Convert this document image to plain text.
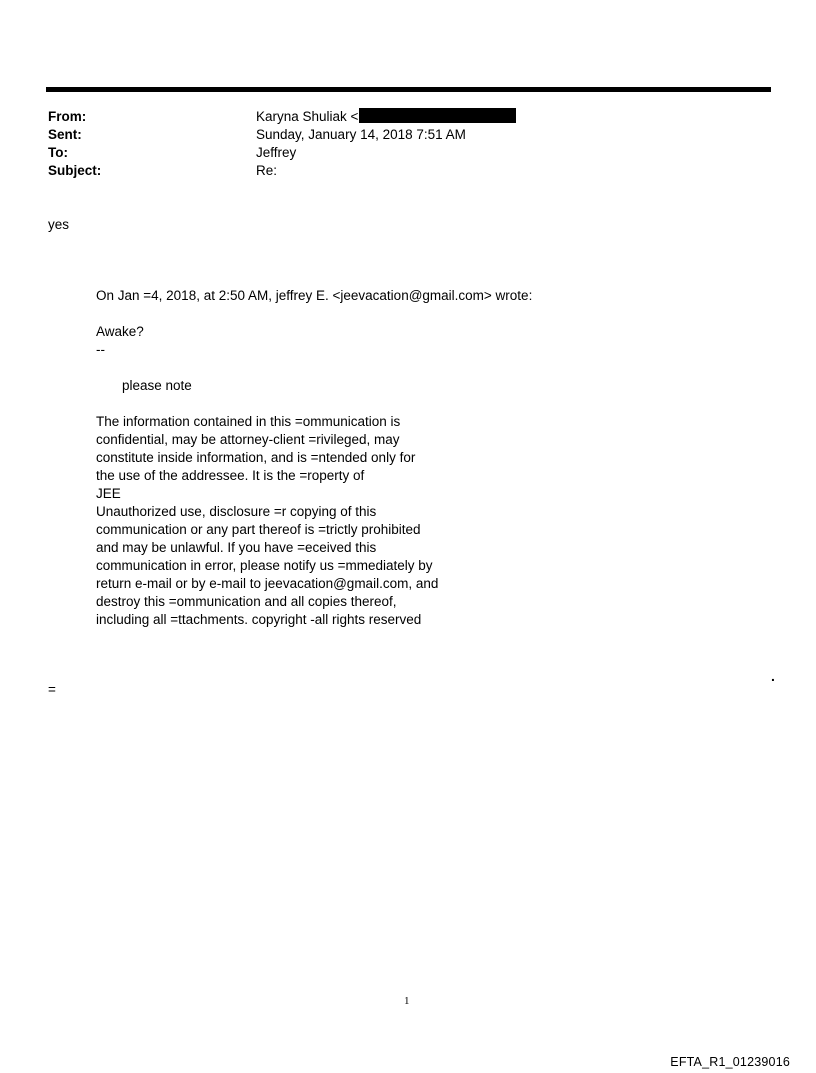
From:	Karyna Shuliak <
Sent:	Sunday, January 14, 2018 7:51 AM
To:	Jeffrey
Subject:	Re:
yes

On Jan =4, 2018, at 2:50 AM, jeffrey E. <jeevacation@gmail.com> wrote:

Awake?

--

please note

The information contained in this =ommunication is

confidential, may be attorney-client =rivileged, may

constitute inside information, and is =ntended only for

the use of the addressee. It is the =roperty of

JEE

Unauthorized use, disclosure =r copying of this

communication or any part thereof is =trictly prohibited

and may be unlawful. If you have =eceived this

communication in error, please notify us =mmediately by

return e-mail or by e-mail to jeevacation@gmail.com, and

destroy this =ommunication and all copies thereof,

including all =ttachments. copyright -all rights reserved

.
=
1
EFTA_R1_01239016
